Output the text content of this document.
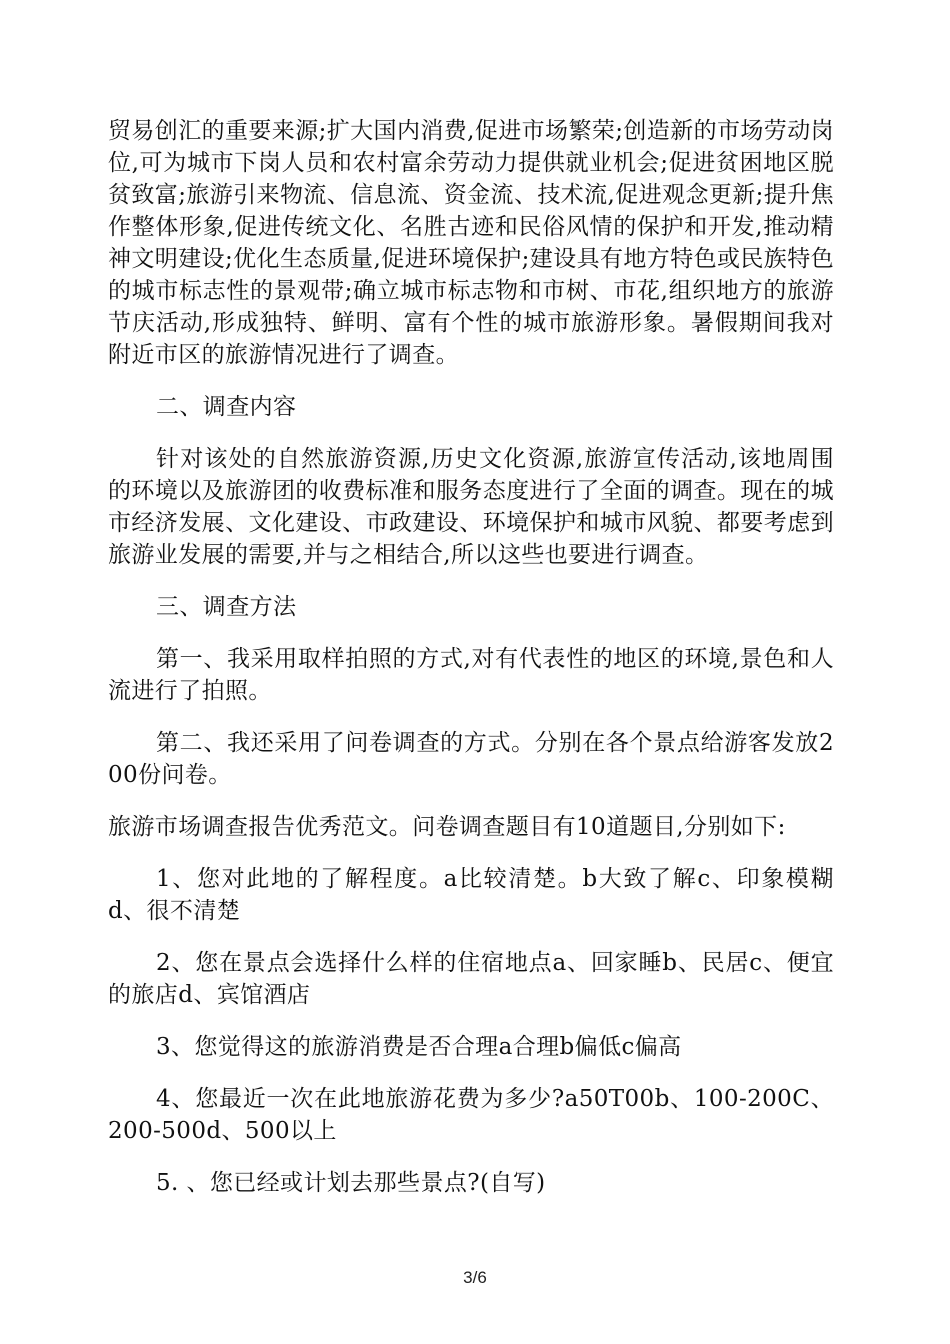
贸易创汇的重要来源;扩大国内消费,促进市场繁荣;创造新的市场劳动岗位,可为城市下岗人员和农村富余劳动力提供就业机会;促进贫困地区脱贫致富;旅游引来物流、信息流、资金流、技术流,促进观念更新;提升焦作整体形象,促进传统文化、名胜古迹和民俗风情的保护和开发,推动精神文明建设;优化生态质量,促进环境保护;建设具有地方特色或民族特色的城市标志性的景观带;确立城市标志物和市树、市花,组织地方的旅游节庆活动,形成独特、鲜明、富有个性的城市旅游形象。暑假期间我对附近市区的旅游情况进行了调查。

二、调查内容

针对该处的自然旅游资源,历史文化资源,旅游宣传活动,该地周围的环境以及旅游团的收费标准和服务态度进行了全面的调查。现在的城市经济发展、文化建设、市政建设、环境保护和城市风貌、都要考虑到旅游业发展的需要,并与之相结合,所以这些也要进行调查。

三、调查方法

第一、我采用取样拍照的方式,对有代表性的地区的环境,景色和人流进行了拍照。

第二、我还采用了问卷调查的方式。分别在各个景点给游客发放200份问卷。

旅游市场调查报告优秀范文。问卷调查题目有10道题目,分别如下:

1、您对此地的了解程度。a比较清楚。b大致了解c、印象模糊d、很不清楚

2、您在景点会选择什么样的住宿地点a、回家睡b、民居c、便宜的旅店d、宾馆酒店

3、您觉得这的旅游消费是否合理a合理b偏低c偏高

4、您最近一次在此地旅游花费为多少?a50T00b、100-200C、200-500d、500以上

5. 、您已经或计划去那些景点?(自写)

3/6
